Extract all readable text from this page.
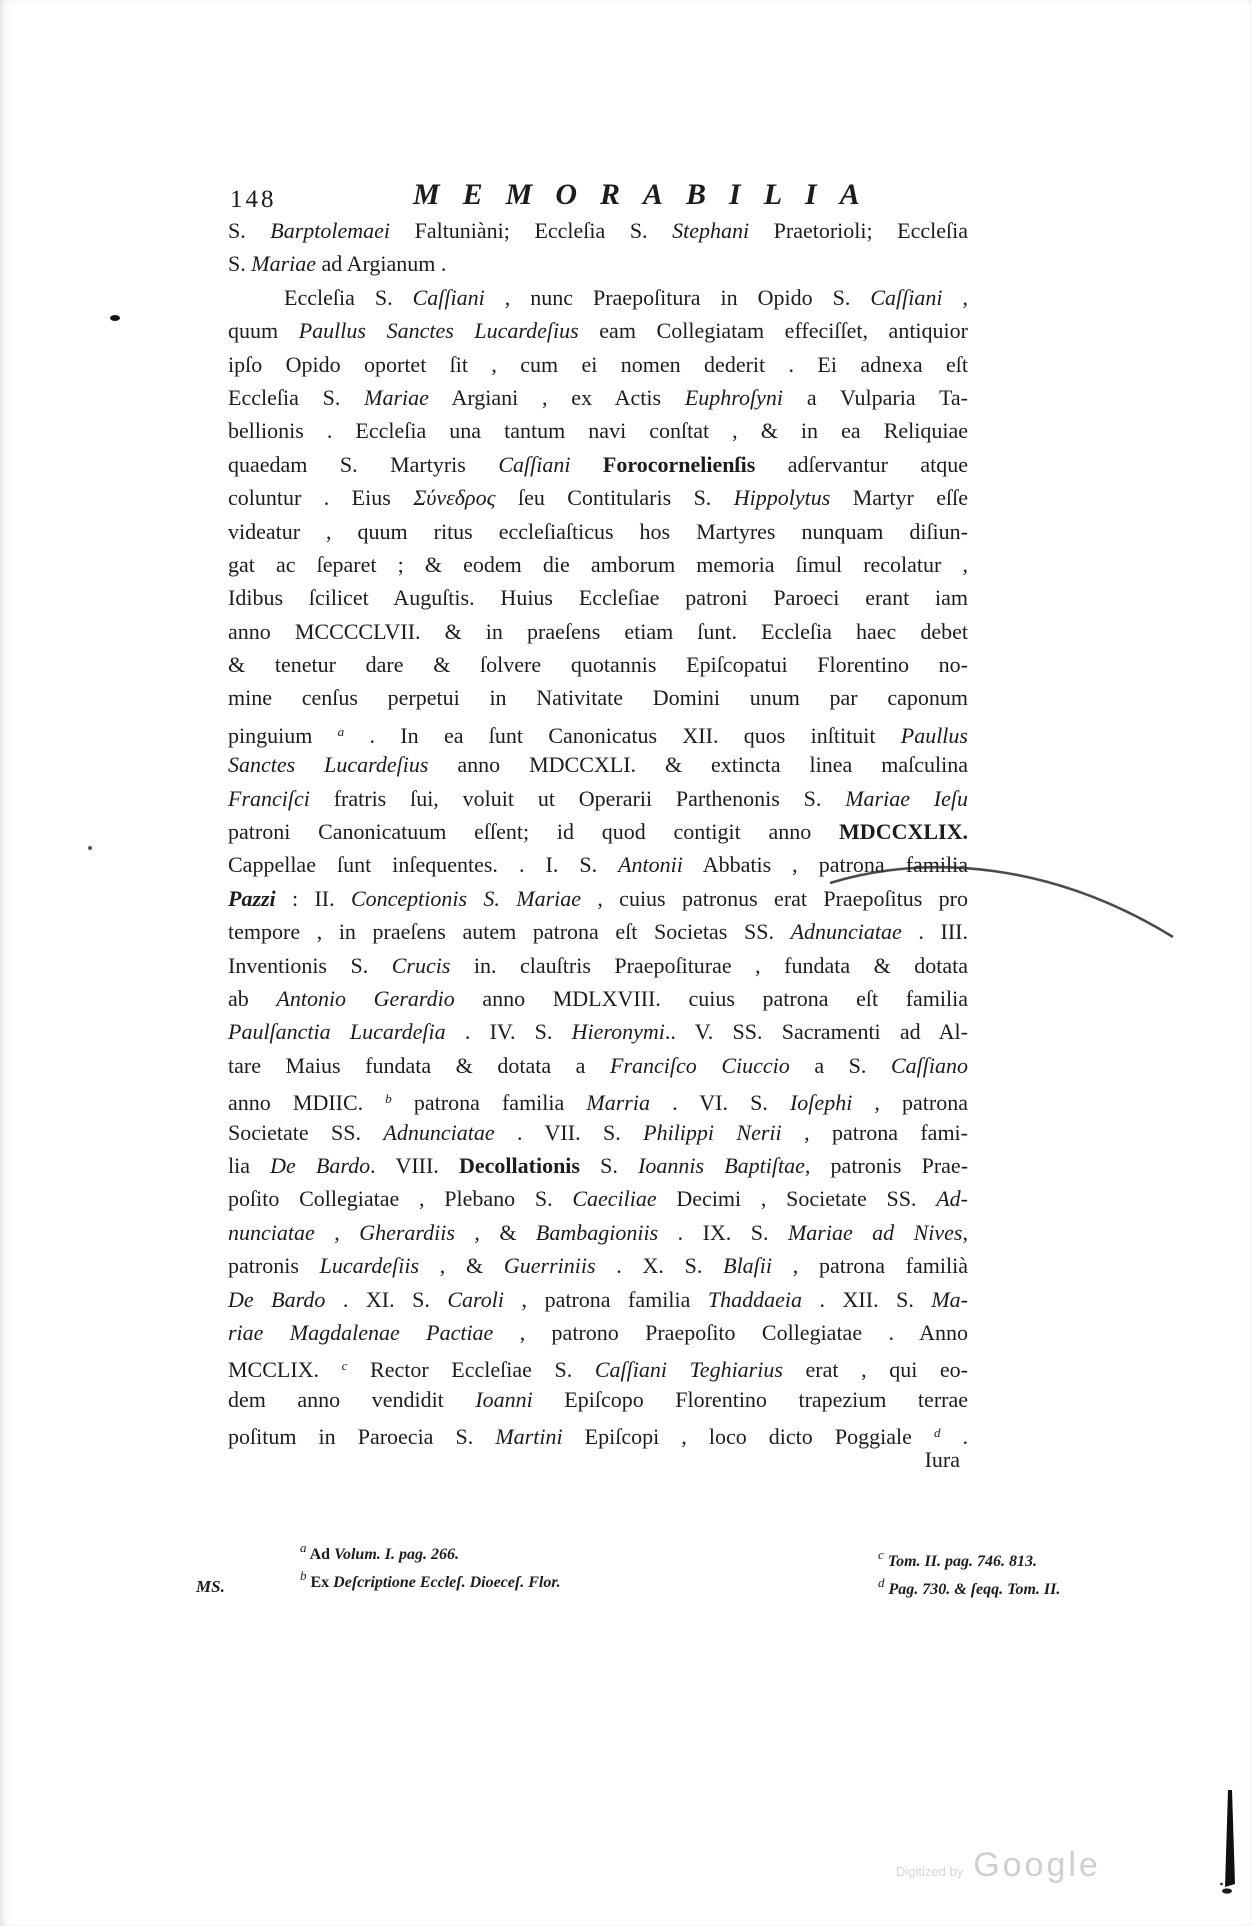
148	MEMORABILIA
S. Barptolemaei Faltuniàni; Eccleſia S. Stephani Praetorioli; Eccleſia
S. Mariae ad Argianum .
Eccleſia S. Caſſiani , nunc Praepoſitura in Opido S. Caſſiani ,
quum Paullus Sanctes Lucardeſius eam Collegiatam effeciſſet, antiquior
ipſo Opido oportet ſit , cum ei nomen dederit . Ei adnexa eſt
Eccleſia S. Mariae Argiani , ex Actis Euphroſyni a Vulparia Ta-
bellionis . Eccleſia una tantum navi conſtat , & in ea Reliquiae
quaedam S. Martyris Caſſiani Forocornelienſis adſervantur atque
coluntur . Eius Σύνεδρος ſeu Contitularis S. Hippolytus Martyr eſſe
videatur , quum ritus eccleſiaſticus hos Martyres nunquam diſiun-
gat ac ſeparet ; & eodem die amborum memoria ſimul recolatur ,
Idibus ſcilicet Auguſtis. Huius Eccleſiae patroni Paroeci erant iam
anno MCCCCLVII. & in praeſens etiam ſunt. Eccleſia haec debet
& tenetur dare & ſolvere quotannis Epiſcopatui Florentino no-
mine cenſus perpetui in Nativitate Domini unum par caponum
pinguium $^a$ . In ea ſunt Canonicatus XII. quos inſtituit Paullus
Sanctes Lucardeſius anno MDCCXLI. & extincta linea maſculina
Franciſci fratris ſui, voluit ut Operarii Parthenonis S. Mariae Ieſu
patroni Canonicatuum eſſent; id quod contigit anno MDCCXLIX.
Cappellae ſunt inſequentes. . I. S. Antonii Abbatis , patrona familia
Pazzi : II. Conceptionis S. Mariae , cuius patronus erat Praepoſitus pro
tempore , in praeſens autem patrona eſt Societas SS. Adnunciatae . III.
Inventionis S. Crucis in. clauſtris Praepoſiturae , fundata & dotata
ab Antonio Gerardio anno MDLXVIII. cuius patrona eſt familia
Paulſanctia Lucardeſia . IV. S. Hieronymi.. V. SS. Sacramenti ad Al-
tare Maius fundata & dotata a Franciſco Ciuccio a S. Caſſiano
anno MDIIC. $^b$ patrona familia Marria . VI. S. Ioſephi , patrona
Societate SS. Adnunciatae . VII. S. Philippi Nerii , patrona fami-
lia De Bardo. VIII. Decollationis S. Ioannis Baptiſtae, patronis Prae-
poſito Collegiatae , Plebano S. Caeciliae Decimi , Societate SS. Ad-
nunciatae , Gherardiis , & Bambagioniis . IX. S. Mariae ad Nives,
patronis Lucardeſiis , & Guerriniis . X. S. Blaſii , patrona familià
De Bardo . XI. S. Caroli , patrona familia Thaddaeia . XII. S. Ma-
riae Magdalenae Pactiae , patrono Praepoſito Collegiatae . Anno
MCCLIX. $^c$ Rector Eccleſiae S. Caſſiani Teghiarius erat , qui eo-
dem anno vendidit Ioanni Epiſcopo Florentino trapezium terrae
poſitum in Paroecia S. Martini Epiſcopi , loco dicto Poggiale $^d$ .
Iura
$^a$ Ad Volum. I. pag. 266.
$^b$ Ex Deſcriptione Eccleſ. Dioeceſ. Flor.
$^c$ Tom. II. pag. 746. 813.
$^d$ Pag. 730. & ſeqq. Tom. II.
MS.
Digitized by Google
